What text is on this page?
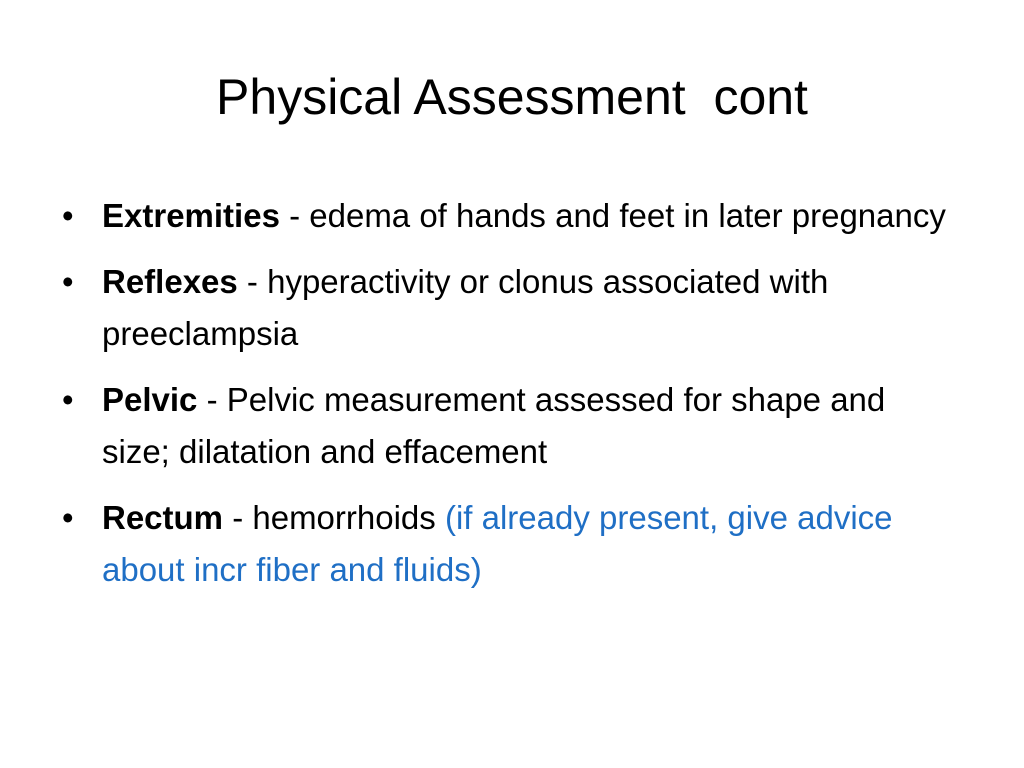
Physical Assessment  cont
• Extremities - edema of hands and feet in later pregnancy
• Reflexes - hyperactivity or clonus associated with preeclampsia
• Pelvic - Pelvic measurement assessed for shape and size; dilatation and effacement
• Rectum - hemorrhoids (if already present, give advice about incr fiber and fluids)
